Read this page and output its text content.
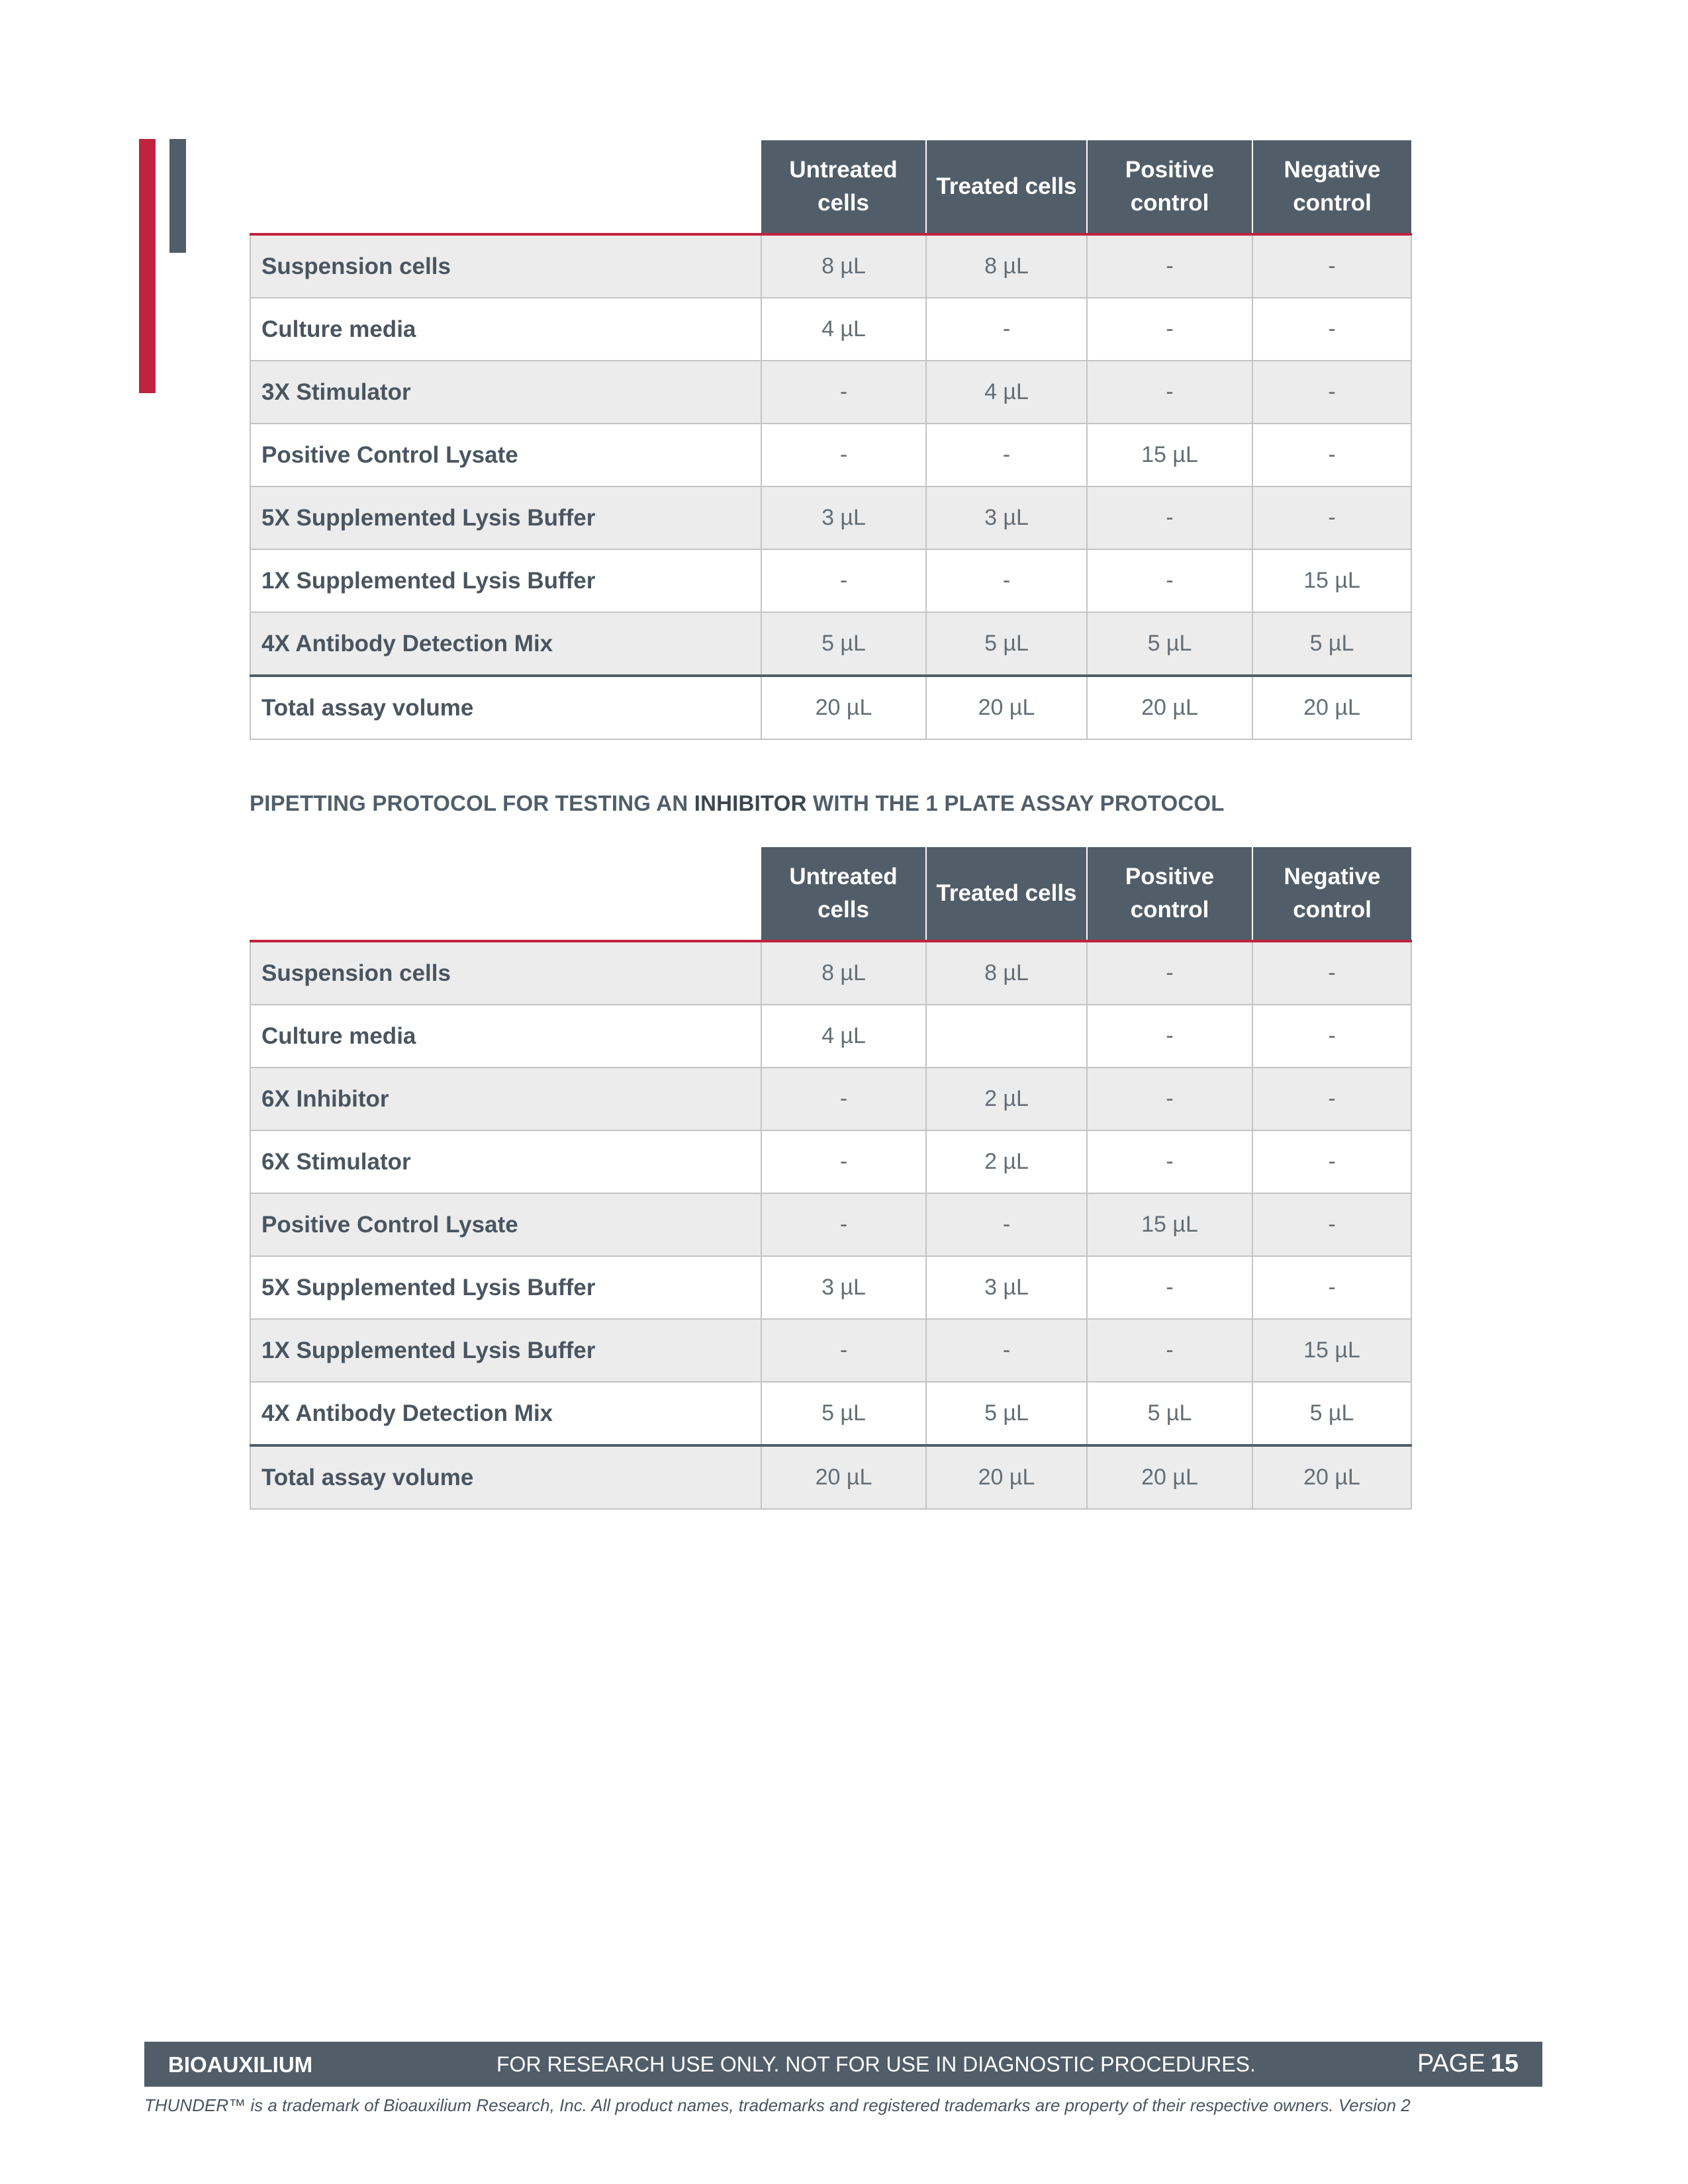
	Untreated cells	Treated cells	Positive control	Negative control
Suspension cells	8 µL	8 µL	-	-
Culture media	4 µL	-	-	-
3X Stimulator	-	4 µL	-	-
Positive Control Lysate	-	-	15 µL	-
5X Supplemented Lysis Buffer	3 µL	3 µL	-	-
1X Supplemented Lysis Buffer	-	-	-	15 µL
4X Antibody Detection Mix	5 µL	5 µL	5 µL	5 µL
Total assay volume	20 µL	20 µL	20 µL	20 µL
PIPETTING PROTOCOL FOR TESTING AN INHIBITOR WITH THE 1 PLATE ASSAY PROTOCOL
	Untreated cells	Treated cells	Positive control	Negative control
Suspension cells	8 µL	8 µL	-	-
Culture media	4 µL		-	-
6X Inhibitor	-	2 µL	-	-
6X Stimulator	-	2 µL	-	-
Positive Control Lysate	-	-	15 µL	-
5X Supplemented Lysis Buffer	3 µL	3 µL	-	-
1X Supplemented Lysis Buffer	-	-	-	15 µL
4X Antibody Detection Mix	5 µL	5 µL	5 µL	5 µL
Total assay volume	20 µL	20 µL	20 µL	20 µL
BIOAUXILIUM	FOR RESEARCH USE ONLY. NOT FOR USE IN DIAGNOSTIC PROCEDURES.	PAGE 15
THUNDER™ is a trademark of Bioauxilium Research, Inc. All product names, trademarks and registered trademarks are property of their respective owners. Version 2
